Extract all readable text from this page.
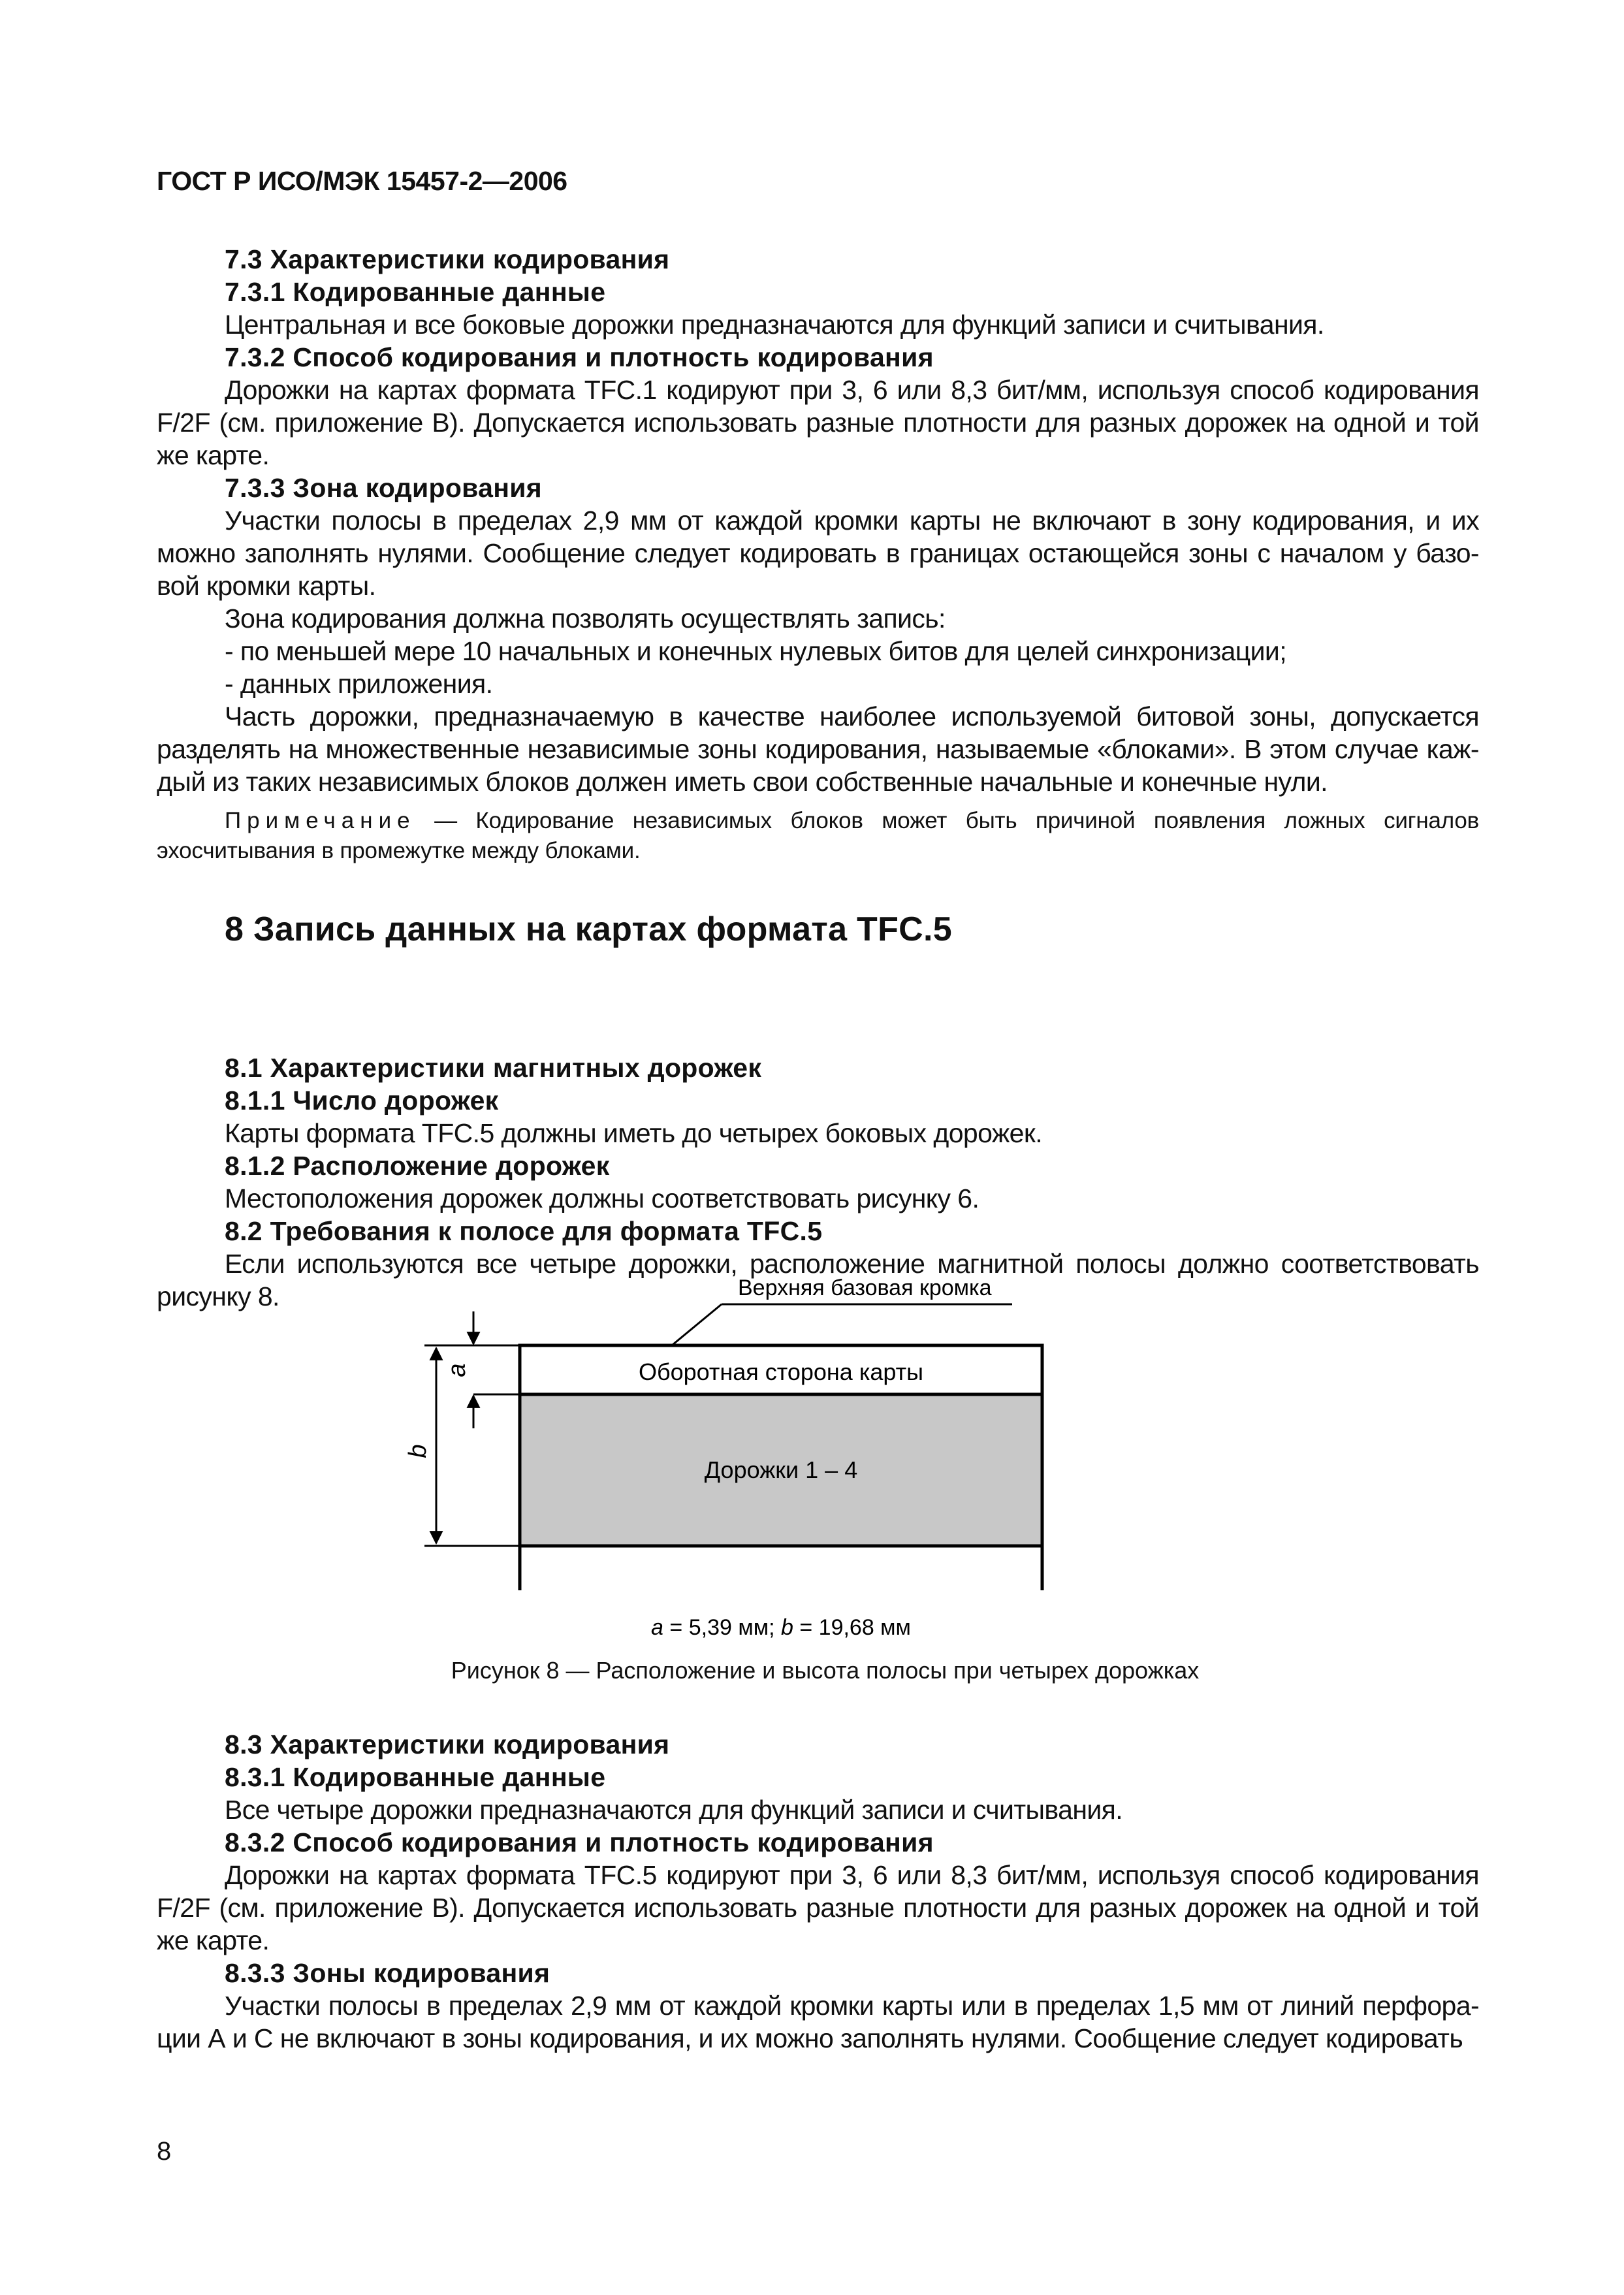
ГОСТ Р ИСО/МЭК 15457-2—2006
7.3 Характеристики кодирования
7.3.1 Кодированные данные
Центральная и все боковые дорожки предназначаются для функций записи и считывания.
7.3.2 Способ кодирования и плотность кодирования
Дорожки на картах формата TFC.1 кодируют при 3, 6 или 8,3 бит/мм, используя способ кодирования F/2F (см. приложение В). Допускается использовать разные плотности для разных дорожек на одной и той же карте.
7.3.3 Зона кодирования
Участки полосы в пределах 2,9 мм от каждой кромки карты не включают в зону кодирования, и их можно заполнять нулями. Сообщение следует кодировать в границах остающейся зоны с началом у базо-вой кромки карты.
Зона кодирования должна позволять осуществлять запись:
- по меньшей мере 10 начальных и конечных нулевых битов для целей синхронизации;
- данных приложения.
Часть дорожки, предназначаемую в качестве наиболее используемой битовой зоны, допускается разделять на множественные независимые зоны кодирования, называемые «блоками». В этом случае каж-дый из таких независимых блоков должен иметь свои собственные начальные и конечные нули.
Примечание — Кодирование независимых блоков может быть причиной появления ложных сигналов эхосчитывания в промежутке между блоками.
8 Запись данных на картах формата TFC.5
8.1 Характеристики магнитных дорожек
8.1.1 Число дорожек
Карты формата TFC.5 должны иметь до четырех боковых дорожек.
8.1.2 Расположение дорожек
Местоположения дорожек должны соответствовать рисунку 6.
8.2 Требования к полосе для формата TFC.5
Если используются все четыре дорожки, расположение магнитной полосы должно соответствовать рисунку 8.	Верхняя базовая кромка
Оборотная сторона карты
Дорожки 1 – 4
a
b
a = 5,39 мм; b = 19,68 мм
Рисунок 8 — Расположение и высота полосы при четырех дорожках
8.3 Характеристики кодирования
8.3.1 Кодированные данные
Все четыре дорожки предназначаются для функций записи и считывания.
8.3.2 Способ кодирования и плотность кодирования
Дорожки на картах формата TFC.5 кодируют при 3, 6 или 8,3 бит/мм, используя способ кодирования F/2F (см. приложение В). Допускается использовать разные плотности для разных дорожек на одной и той же карте.
8.3.3 Зоны кодирования
Участки полосы в пределах 2,9 мм от каждой кромки карты или в пределах 1,5 мм от линий перфора-ции А и С не включают в зоны кодирования, и их можно заполнять нулями. Сообщение следует кодировать
8
